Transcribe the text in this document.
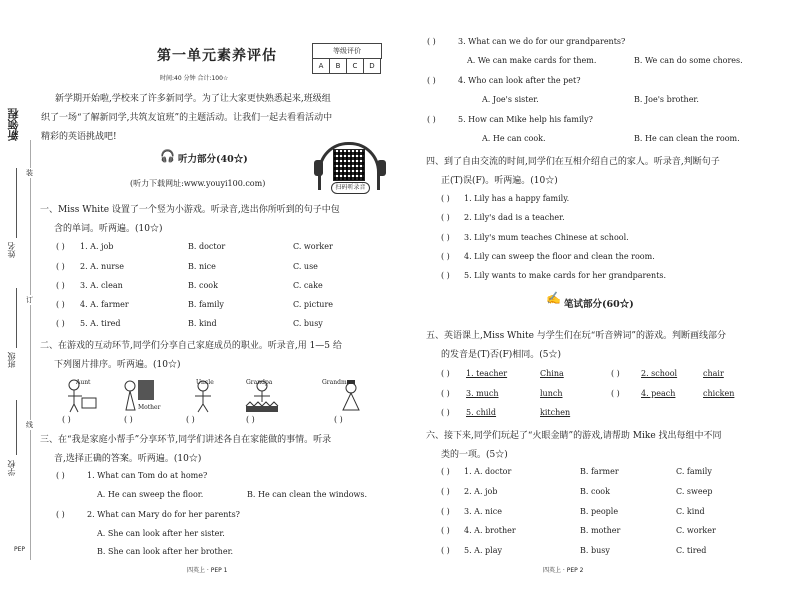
新领程
姓名
班级
学校
装
订
线
PEP
第一单元素养评估
时间:40 分钟 合计:100☆
等级评价
A	B	C	D
新学期开始啦,学校来了许多新同学。为了让大家更快熟悉起来,班级组
织了一场“了解新同学,共筑友谊班”的主题活动。让我们一起去看看活动中
精彩的英语挑战吧!
🎧 听力部分(40☆)
(听力下载网址:www.youyi100.com)	扫码听录音
一、Miss White 设置了一个竖为小游戏。听录音,选出你所听到的句子中包
含的单词。听两遍。(10☆)
( ) 1. A. job	B. doctor	C. worker
( ) 2. A. nurse	B. nice	C. use
( ) 3. A. clean	B. cook	C. cake
( ) 4. A. farmer	B. family	C. picture
( ) 5. A. tired	B. kind	C. busy
二、在游戏的互动环节,同学们分享自己家庭成员的职业。听录音,用 1—5 给
下列图片排序。听两遍。(10☆)
Aunt
( )
Mother
( )
Uncle
( )
Grandpa
( )
Grandma
( )
三、在“我是家庭小帮手”分享环节,同学们讲述各自在家能做的事情。听录
音,选择正确的答案。听两遍。(10☆)
( )	1. What can Tom do at home?
A. He can sweep the floor.	B. He can clean the windows.
( )	2. What can Mary do for her parents?
A. She can look after her sister.
B. She can look after her brother.
四英上 · PEP 1
( )	3. What can we do for our grandparents?
A. We can make cards for them.	B. We can do some chores.
( )	4. Who can look after the pet?
A. Joe's sister.	B. Joe's brother.
( )	5. How can Mike help his family?
A. He can cook.	B. He can clean the room.
四、到了自由交流的时间,同学们在互相介绍自己的家人。听录音,判断句子
正(T)误(F)。听两遍。(10☆)
( ) 1. Lily has a happy family.
( ) 2. Lily's dad is a teacher.
( ) 3. Lily's mum teaches Chinese at school.
( ) 4. Lily can sweep the floor and clean the room.
( ) 5. Lily wants to make cards for her grandparents.
✍ 笔试部分(60☆)
五、英语课上,Miss White 与学生们在玩“听音辨词”的游戏。判断画线部分
的发音是(T)否(F)相同。(5☆)
( ) 1. teacher	China	( )	2. school	chair
( ) 3. much	lunch	( )	4. peach	chicken
( ) 5. child	kitchen
六、接下来,同学们玩起了“火眼金睛”的游戏,请帮助 Mike 找出每组中不同
类的一项。(5☆)
( ) 1. A. doctor	B. farmer	C. family
( ) 2. A. job	B. cook	C. sweep
( ) 3. A. nice	B. people	C. kind
( ) 4. A. brother	B. mother	C. worker
( ) 5. A. play	B. busy	C. tired
四英上 · PEP 2
